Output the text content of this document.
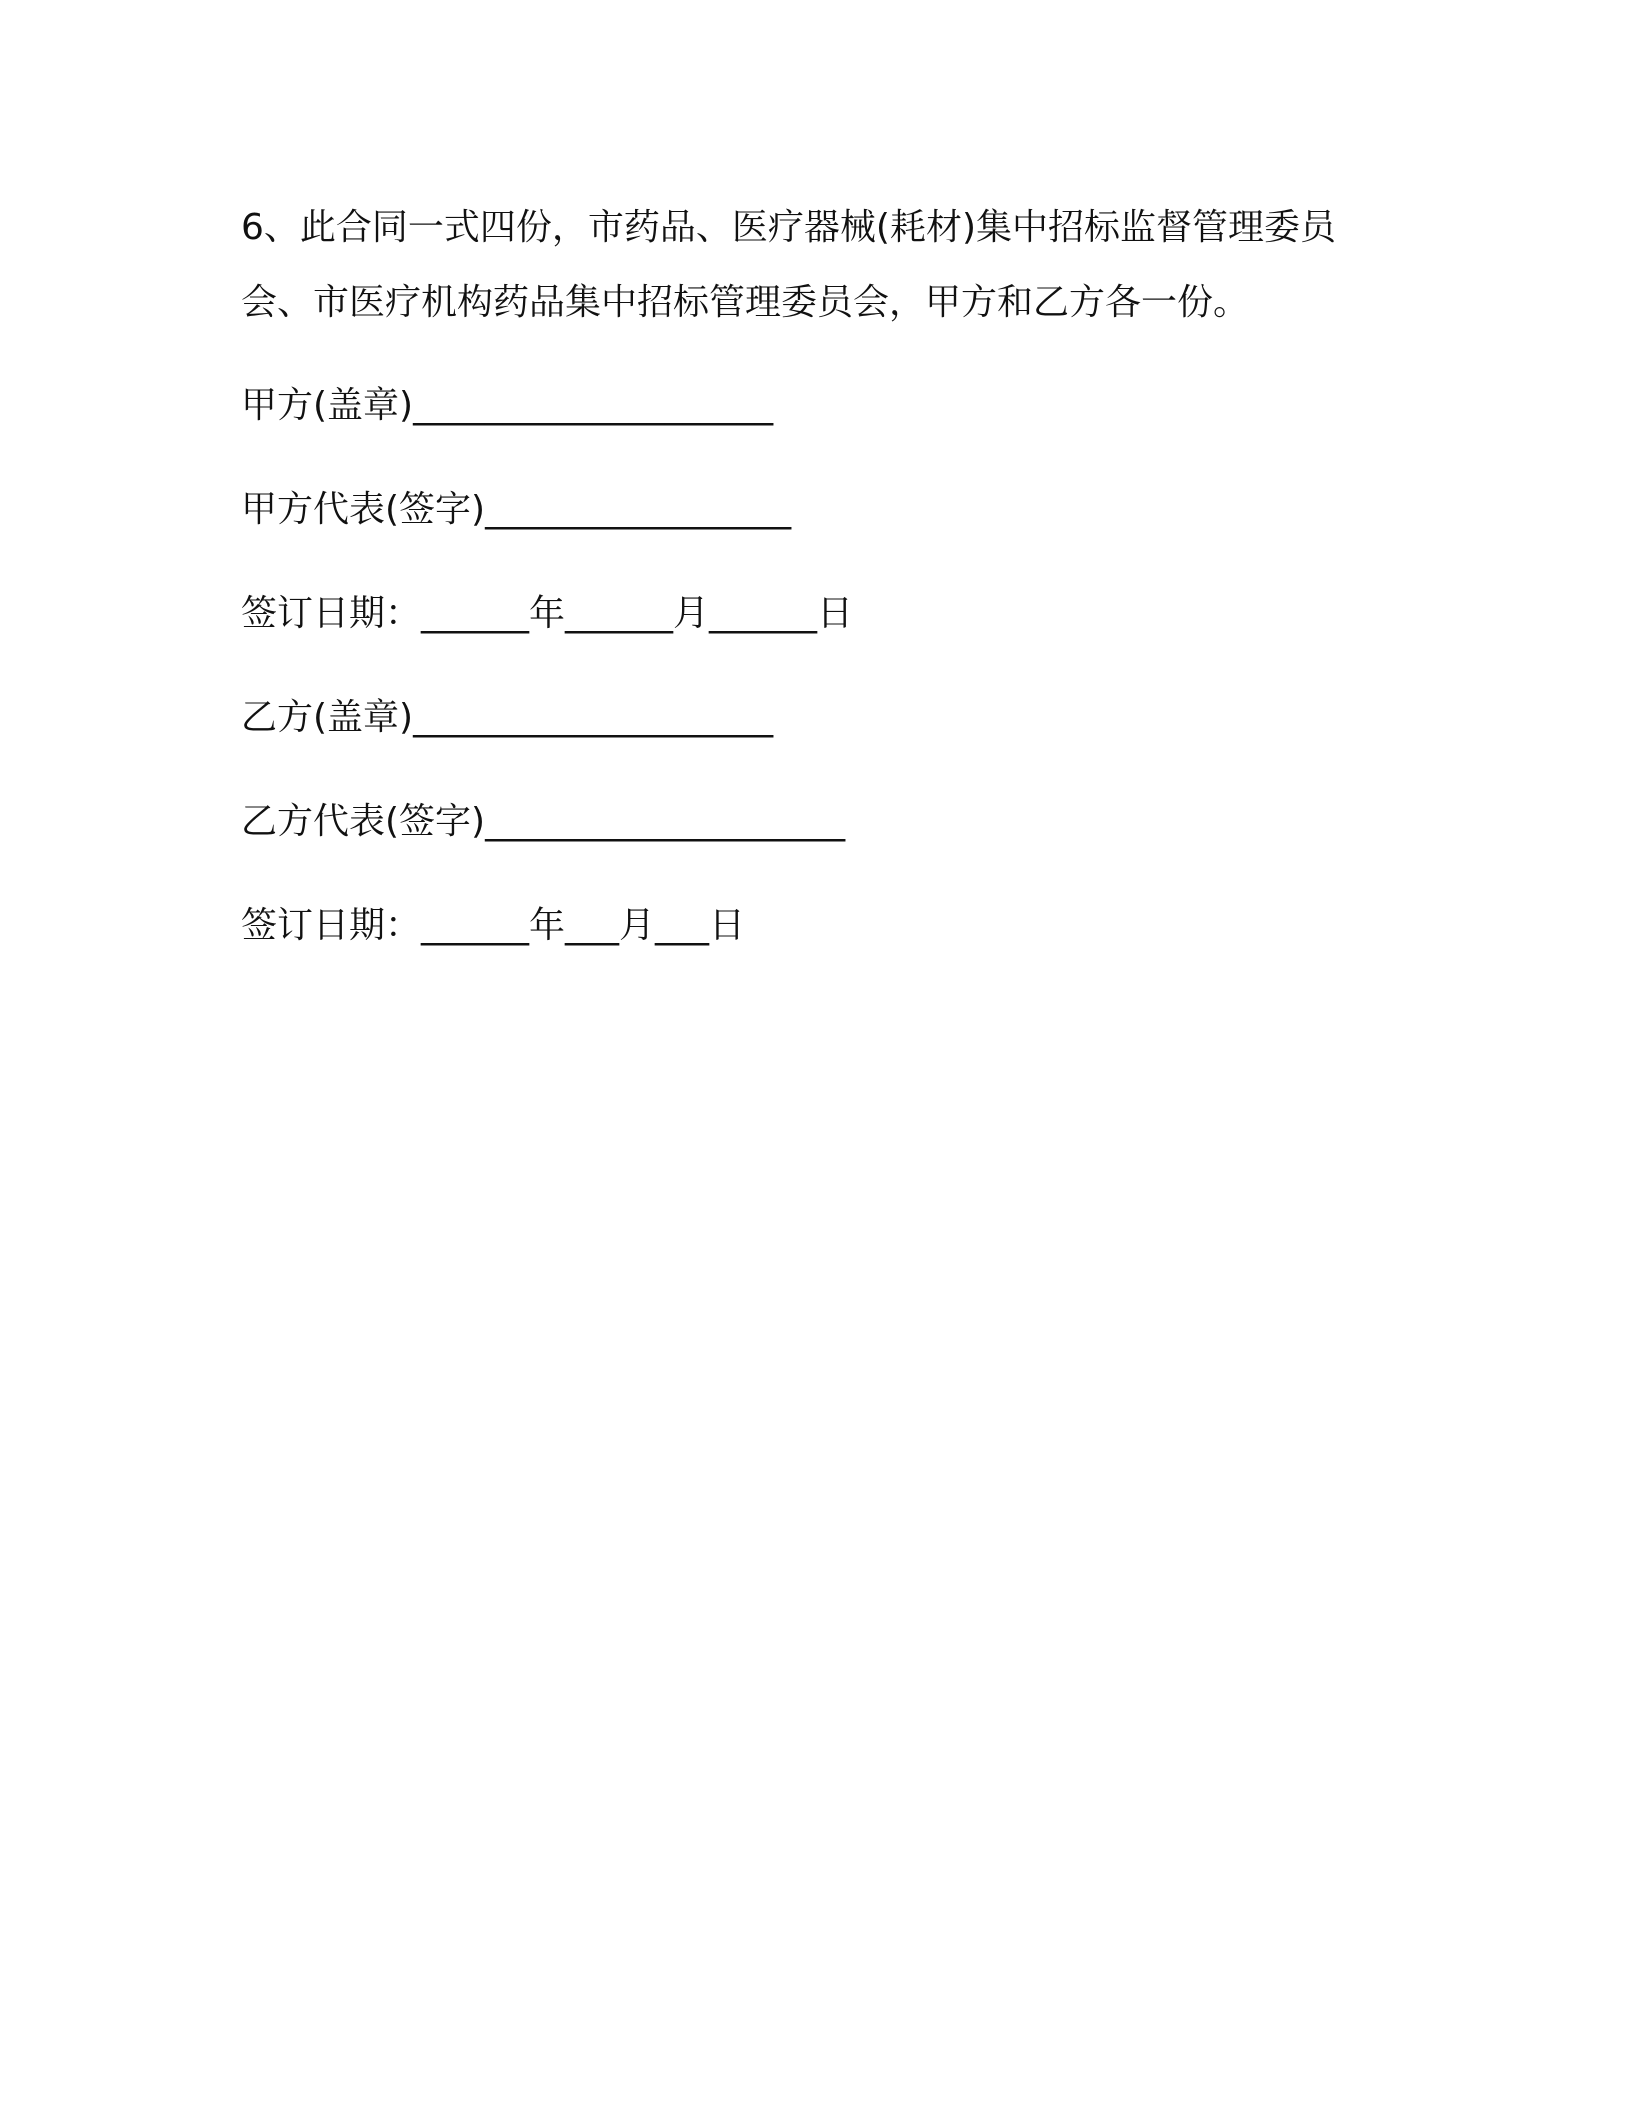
6、此合同一式四份，市药品、医疗器械(耗材)集中招标监督管理委员会、市医疗机构药品集中招标管理委员会，甲方和乙方各一份。

甲方(盖章)____________________

甲方代表(签字)_________________

签订日期：______年______月______日

乙方(盖章)____________________

乙方代表(签字)____________________

签订日期：______年___月___日
